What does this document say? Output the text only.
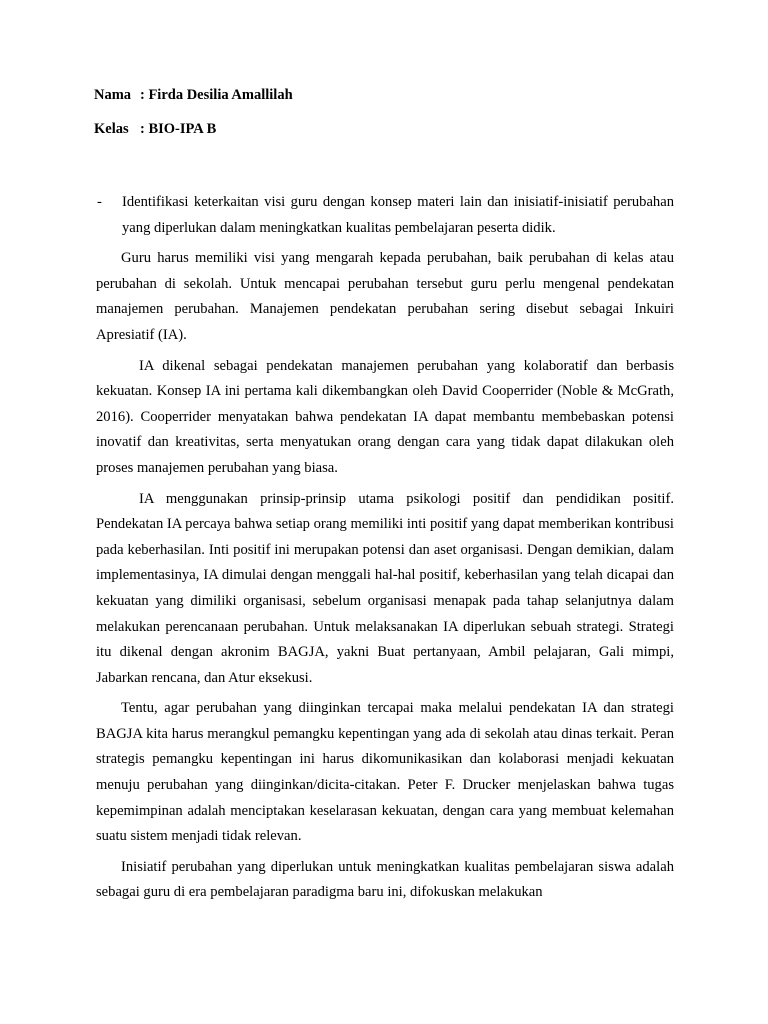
Nama : Firda Desilia Amallilah
Kelas : BIO-IPA B
- Identifikasi keterkaitan visi guru dengan konsep materi lain dan inisiatif-inisiatif perubahan yang diperlukan dalam meningkatkan kualitas pembelajaran peserta didik.

Guru harus memiliki visi yang mengarah kepada perubahan, baik perubahan di kelas atau perubahan di sekolah. Untuk mencapai perubahan tersebut guru perlu mengenal pendekatan manajemen perubahan. Manajemen pendekatan perubahan sering disebut sebagai Inkuiri Apresiatif (IA).

IA dikenal sebagai pendekatan manajemen perubahan yang kolaboratif dan berbasis kekuatan. Konsep IA ini pertama kali dikembangkan oleh David Cooperrider (Noble & McGrath, 2016). Cooperrider menyatakan bahwa pendekatan IA dapat membantu membebaskan potensi inovatif dan kreativitas, serta menyatukan orang dengan cara yang tidak dapat dilakukan oleh proses manajemen perubahan yang biasa.

IA menggunakan prinsip-prinsip utama psikologi positif dan pendidikan positif. Pendekatan IA percaya bahwa setiap orang memiliki inti positif yang dapat memberikan kontribusi pada keberhasilan. Inti positif ini merupakan potensi dan aset organisasi. Dengan demikian, dalam implementasinya, IA dimulai dengan menggali hal-hal positif, keberhasilan yang telah dicapai dan kekuatan yang dimiliki organisasi, sebelum organisasi menapak pada tahap selanjutnya dalam melakukan perencanaan perubahan. Untuk melaksanakan IA diperlukan sebuah strategi. Strategi itu dikenal dengan akronim BAGJA, yakni Buat pertanyaan, Ambil pelajaran, Gali mimpi, Jabarkan rencana, dan Atur eksekusi.

Tentu, agar perubahan yang diinginkan tercapai maka melalui pendekatan IA dan strategi BAGJA kita harus merangkul pemangku kepentingan yang ada di sekolah atau dinas terkait. Peran strategis pemangku kepentingan ini harus dikomunikasikan dan kolaborasi menjadi kekuatan menuju perubahan yang diinginkan/dicita-citakan. Peter F. Drucker menjelaskan bahwa tugas kepemimpinan adalah menciptakan keselarasan kekuatan, dengan cara yang membuat kelemahan suatu sistem menjadi tidak relevan.

Inisiatif perubahan yang diperlukan untuk meningkatkan kualitas pembelajaran siswa adalah sebagai guru di era pembelajaran paradigma baru ini, difokuskan melakukan
